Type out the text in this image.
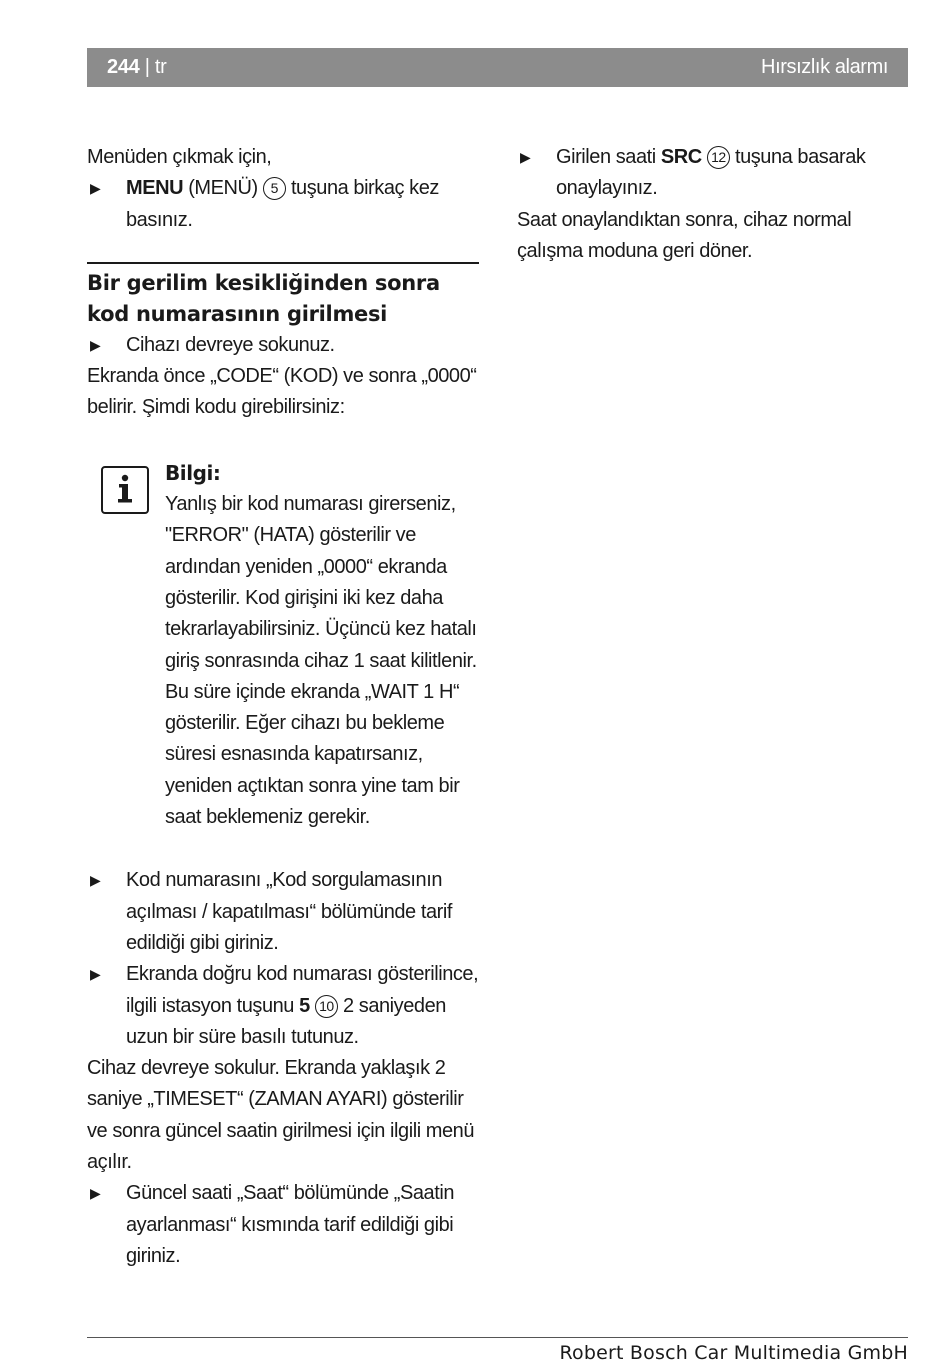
244 | tr	Hırsızlık alarmı

Menüden çıkmak için,

▶ MENU (MENÜ) 5 tuşuna birkaç kez basınız.
Bir gerilim kesikliğinden sonra kod numarasının girilmesi
▶ Cihazı devreye sokunuz.

Ekranda önce „CODE“ (KOD) ve sonra „0000“ belirir. Şimdi kodu girebilirsiniz:

Bilgi:

Yanlış bir kod numarası girerseniz, "ERROR" (HATA) gösterilir ve ardından yeniden „0000“ ekranda gösterilir. Kod girişini iki kez daha tekrarlayabilirsiniz. Üçüncü kez hatalı giriş sonrasında cihaz 1 saat kilitlenir. Bu süre içinde ekranda „WAIT 1 H“ gösterilir. Eğer cihazı bu bekleme süresi esnasında kapatırsanız, yeniden açtıktan sonra yine tam bir saat beklemeniz gerekir.

▶ Kod numarasını „Kod sorgulamasının açılması / kapatılması“ bölümünde tarif edildiği gibi giriniz.
▶ Ekranda doğru kod numarası gösterilince, ilgili istasyon tuşunu 5 10 2 saniyeden uzun bir süre basılı tutunuz.

Cihaz devreye sokulur. Ekranda yaklaşık 2 saniye „TIMESET“ (ZAMAN AYARI) gösterilir ve sonra güncel saatin girilmesi için ilgili menü açılır.

▶ Güncel saati „Saat“ bölümünde „Saatin ayarlanması“ kısmında tarif edildiği gibi giriniz.
▶ Girilen saati SRC 12 tuşuna basarak onaylayınız.

Saat onaylandıktan sonra, cihaz normal çalışma moduna geri döner.

Robert Bosch Car Multimedia GmbH
